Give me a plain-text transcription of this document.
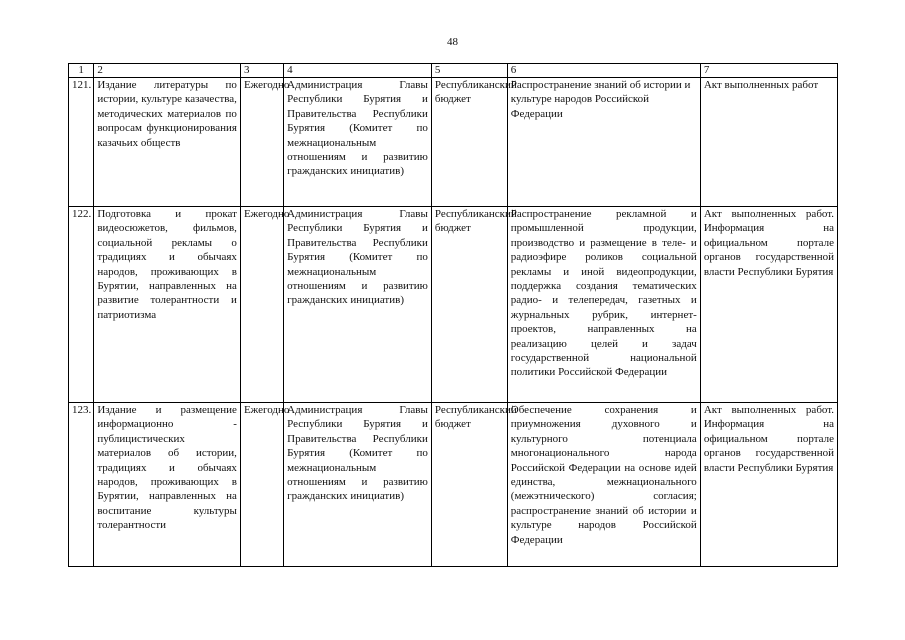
48
1	2	3	4	5	6	7
121.	Издание литературы по истории, культуре казачества, методических материалов по вопросам функционирования казачьих обществ	Ежегодно	Администрация Главы Республики Бурятия и Правительства Республики Бурятия (Комитет по межнациональным отношениям и развитию гражданских инициатив)	Республиканский бюджет	Распространение знаний об истории и культуре народов Российской Федерации	Акт выполненных работ
122.	Подготовка и прокат видеосюжетов, фильмов, социальной рекламы о традициях и обычаях народов, проживающих в Бурятии, направленных на развитие толерантности и патриотизма	Ежегодно	Администрация Главы Республики Бурятия и Правительства Республики Бурятия (Комитет по межнациональным отношениям и развитию гражданских инициатив)	Республиканский бюджет	Распространение рекламной и промышленной продукции, производство и размещение в теле- и радиоэфире роликов социальной рекламы и иной видеопродукции, поддержка создания тематических радио- и телепередач, газетных и журнальных рубрик, интернет-проектов, направленных на реализацию целей и задач государственной национальной политики Российской Федерации	Акт выполненных работ. Информация на официальном портале органов государственной власти Республики Бурятия
123.	Издание и размещение информационно - публицистических материалов об истории, традициях и обычаях народов, проживающих в Бурятии, направленных на воспитание культуры толерантности	Ежегодно	Администрация Главы Республики Бурятия и Правительства Республики Бурятия (Комитет по межнациональным отношениям и развитию гражданских инициатив)	Республиканский бюджет	Обеспечение сохранения и приумножения духовного и культурного потенциала многонационального народа Российской Федерации на основе идей единства, межнационального (межэтнического) согласия; распространение знаний об истории и культуре народов Российской Федерации	Акт выполненных работ. Информация на официальном портале органов государственной власти Республики Бурятия
